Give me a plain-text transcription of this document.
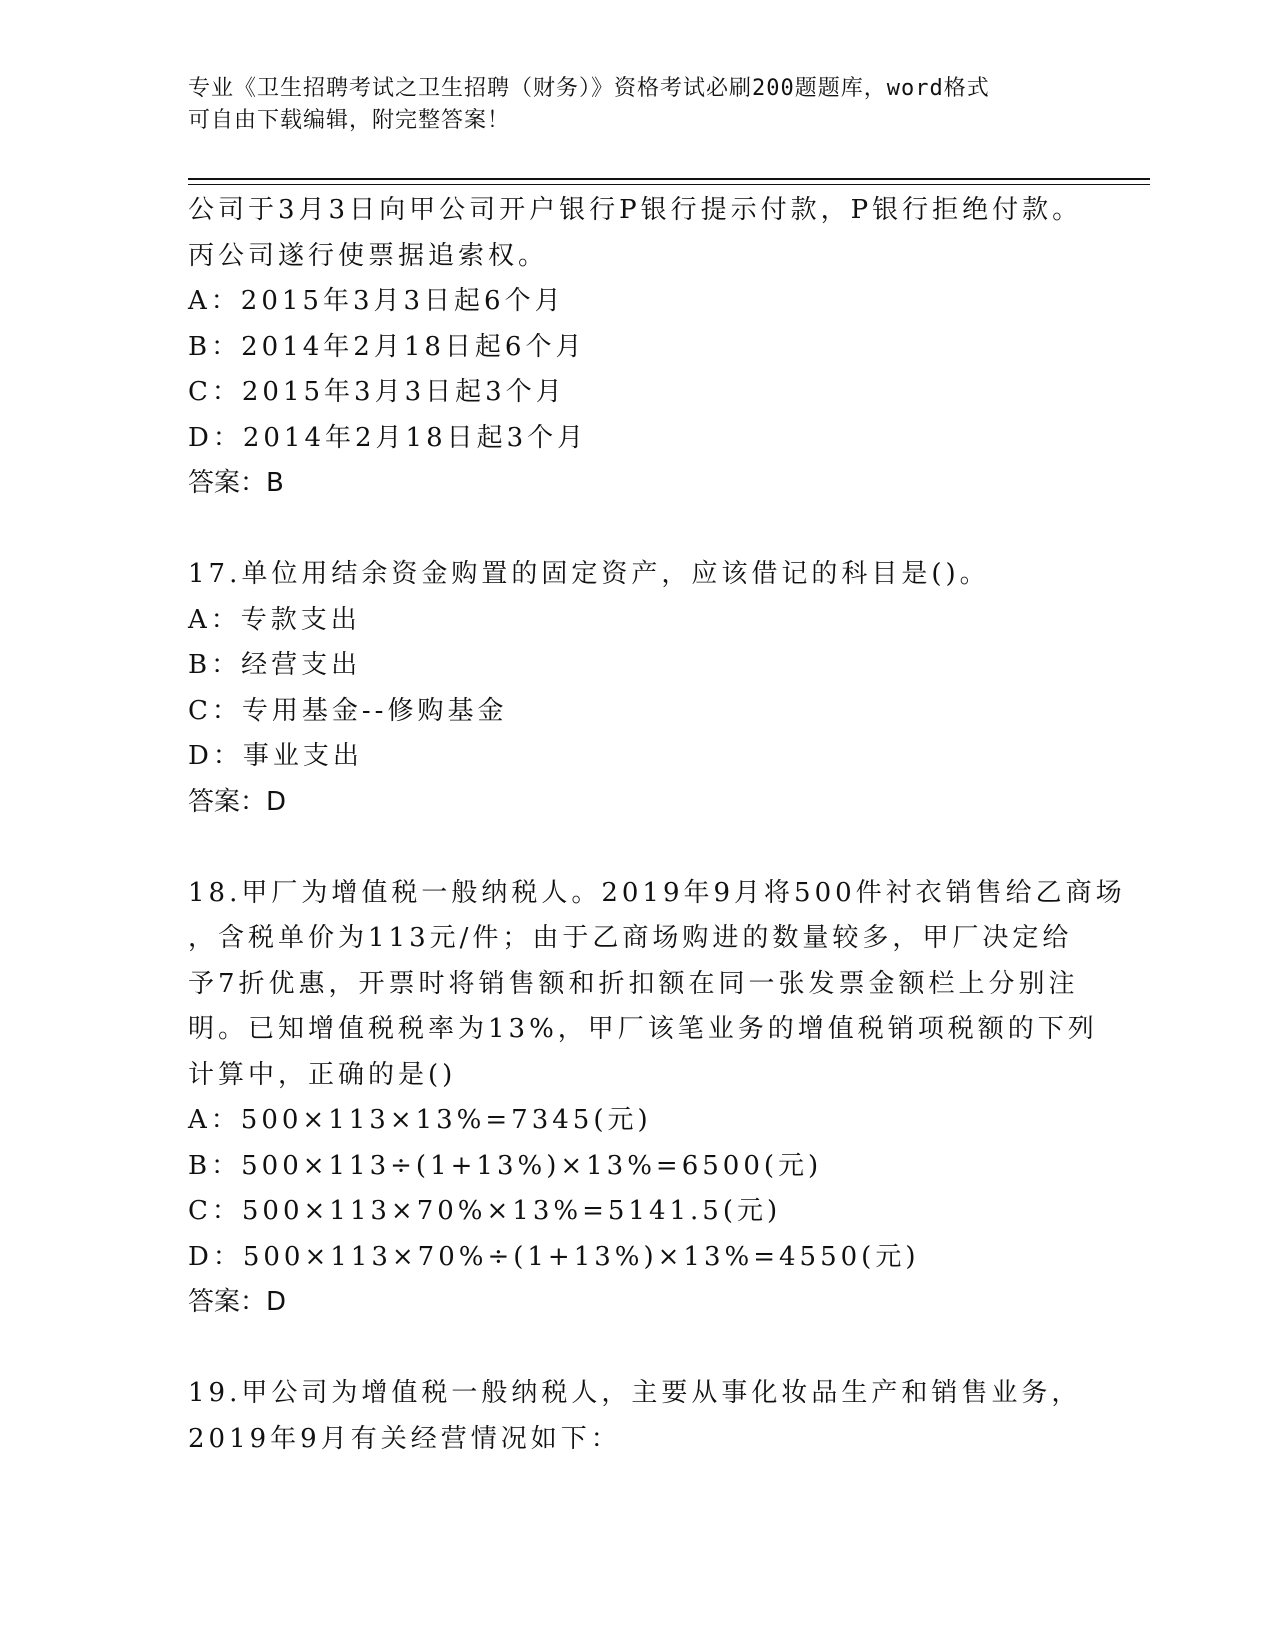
专业《卫生招聘考试之卫生招聘（财务）》资格考试必刷200题题库，word格式
可自由下载编辑，附完整答案！
公司于3月3日向甲公司开户银行P银行提示付款，P银行拒绝付款。
丙公司遂行使票据追索权。
A：2015年3月3日起6个月
B：2014年2月18日起6个月
C：2015年3月3日起3个月
D：2014年2月18日起3个月
答案：B
17.单位用结余资金购置的固定资产，应该借记的科目是()。
A：专款支出
B：经营支出
C：专用基金--修购基金
D：事业支出
答案：D
18.甲厂为增值税一般纳税人。2019年9月将500件衬衣销售给乙商场
，含税单价为113元/件；由于乙商场购进的数量较多，甲厂决定给
予7折优惠，开票时将销售额和折扣额在同一张发票金额栏上分别注
明。已知增值税税率为13%，甲厂该笔业务的增值税销项税额的下列
计算中，正确的是()
A：500×113×13%=7345(元)
B：500×113÷(1+13%)×13%=6500(元)
C：500×113×70%×13%=5141.5(元)
D：500×113×70%÷(1+13%)×13%=4550(元)
答案：D
19.甲公司为增值税一般纳税人，主要从事化妆品生产和销售业务，
2019年9月有关经营情况如下：
